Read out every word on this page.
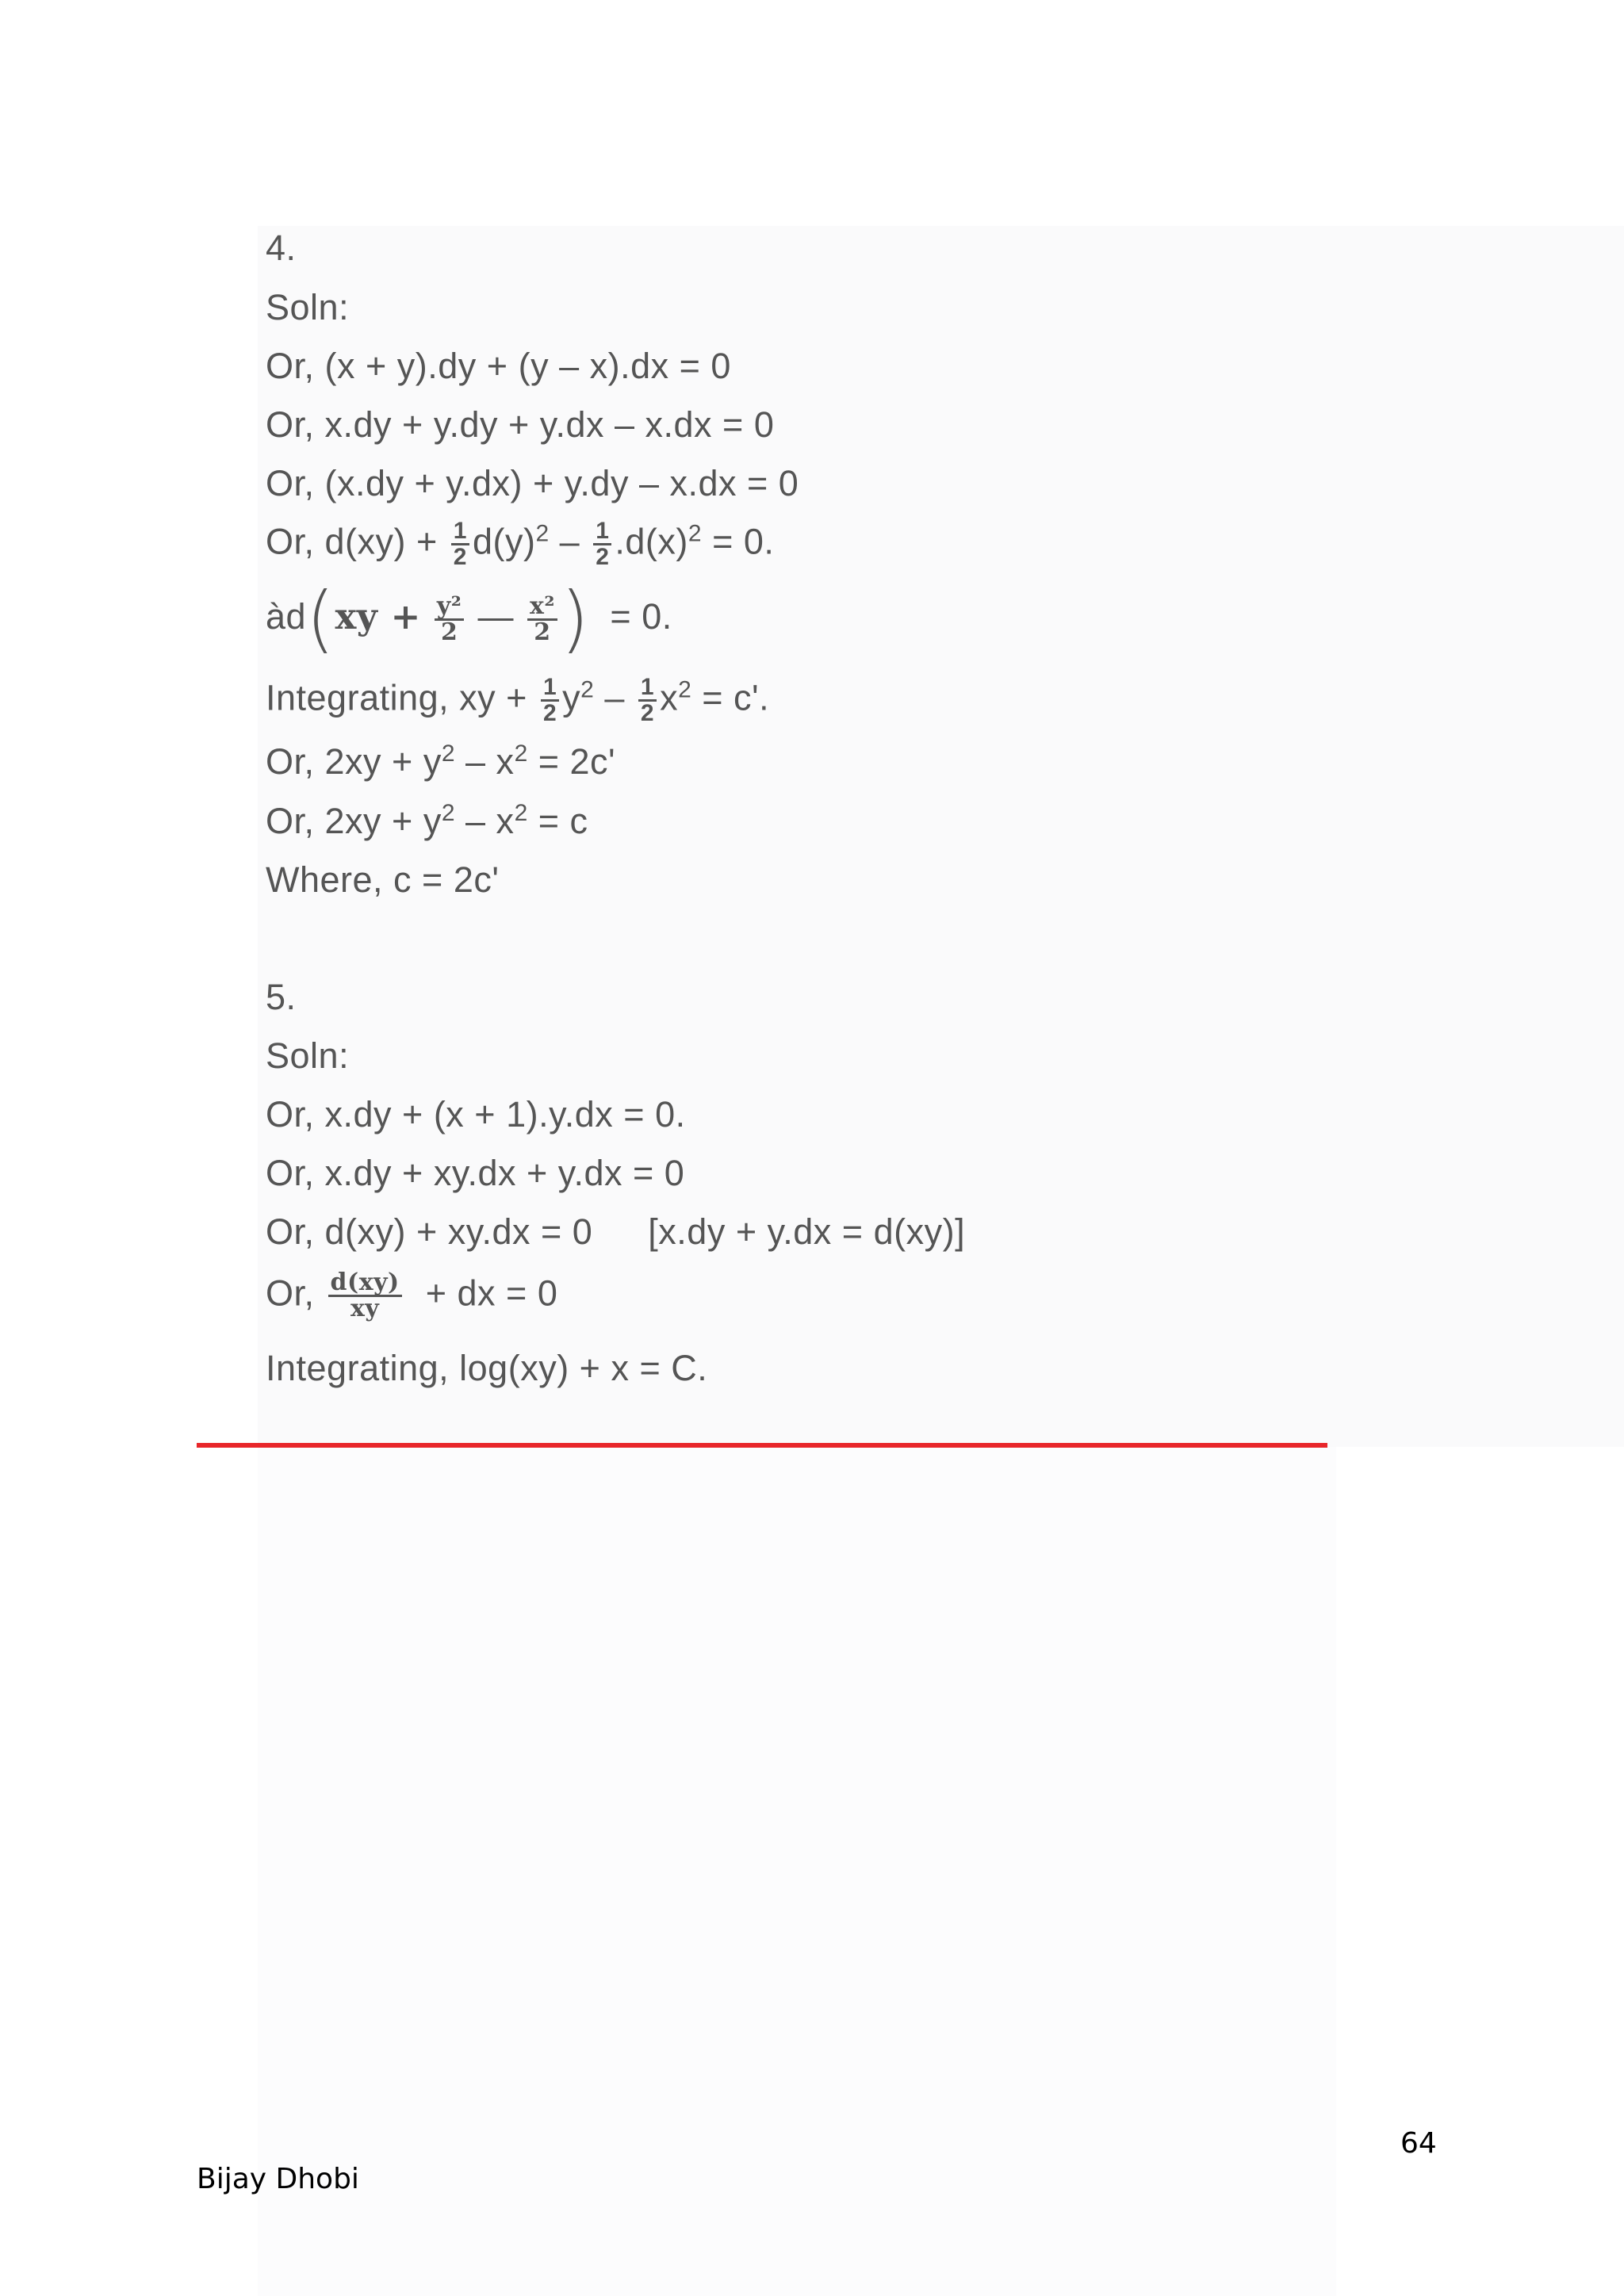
4.
Soln:
Or, (x + y).dy + (y – x).dx = 0
Or, x.dy + y.dy + y.dx – x.dx = 0
Or, (x.dy + y.dx) + y.dy – x.dx = 0
Or, $d(xy) + \frac{1}{2} d(y)^2 - \frac{1}{2} .d(x)^2 = 0$.
àd(xy + $\frac{\text{y²}}{2}$ — $\frac{\text{x²}}{2}$ ) = 0.
Integrating, xy + $\frac{1}{2} y^2 - \frac{1}{2} x^2 = c'$.
Or, $2xy + y^2 - x^2 = 2c'$
Or, $2xy + y^2 - x^2 = c$
Where, c = 2c'
5.
Soln:
Or, x.dy + (x + 1).y.dx = 0.
Or, x.dy + xy.dx + y.dx = 0
Or, d(xy) + xy.dx = 0 [x.dy + y.dx = d(xy)]
Or, $\frac{d(xy)}{xy}$ + dx = 0
Integrating, log(xy) + x = C.
64
Bijay Dhobi
